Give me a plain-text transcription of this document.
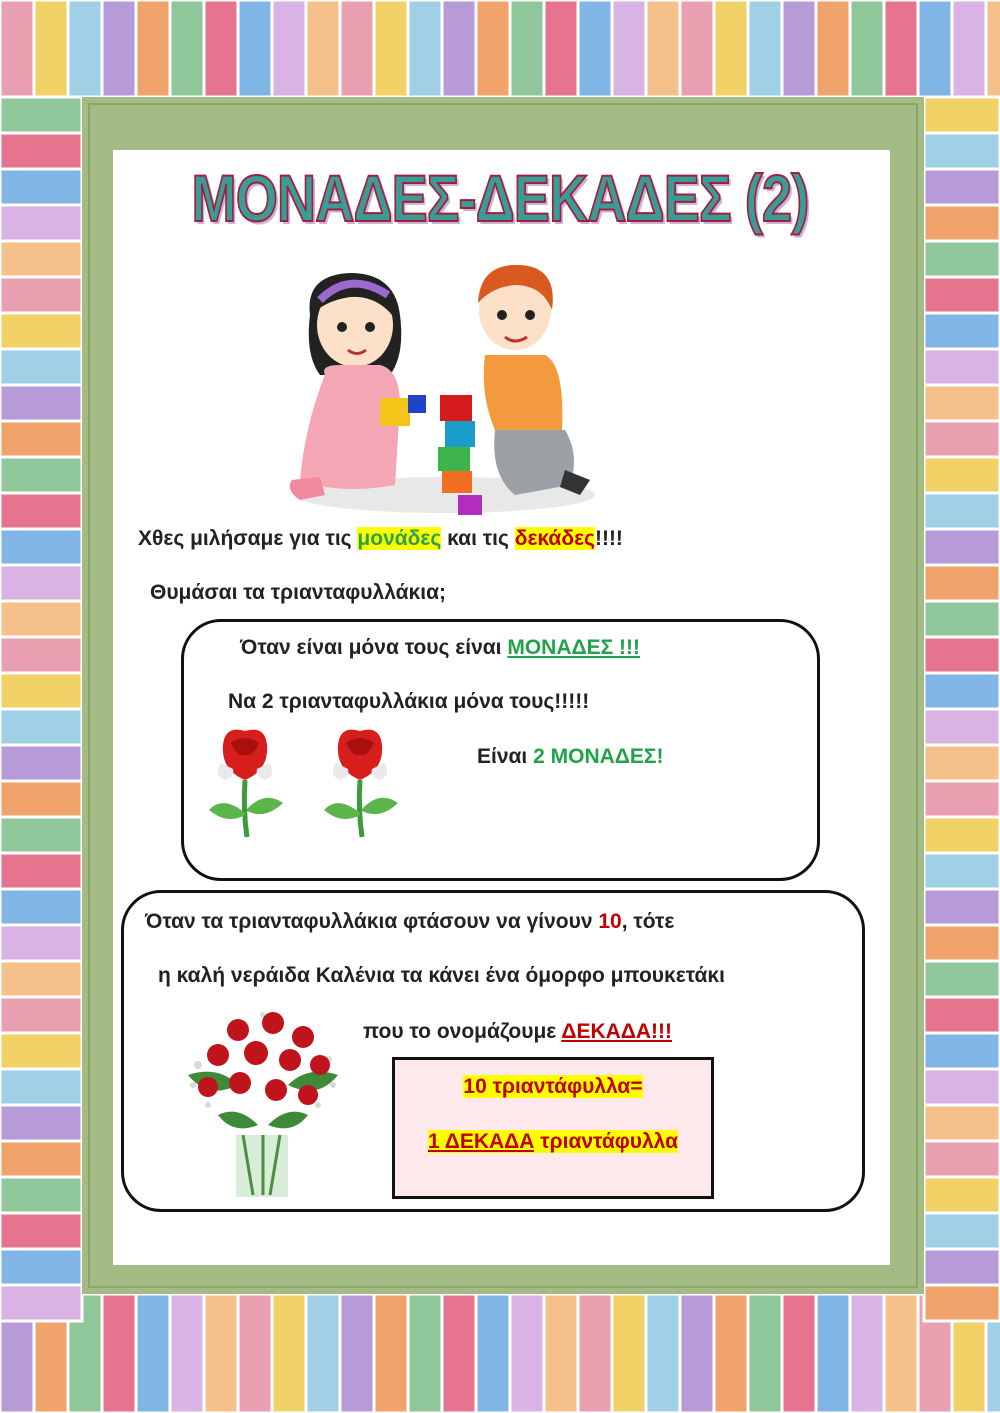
ΜΟΝΑΔΕΣ-ΔΕΚΑΔΕΣ (2)
Χθες μιλήσαμε για τις μονάδες και τις δεκάδες!!!!
Θυμάσαι τα τριανταφυλλάκια;
Όταν είναι μόνα τους είναι ΜΟΝΑΔΕΣ !!!
Να 2 τριανταφυλλάκια μόνα τους!!!!!
Είναι 2 ΜΟΝΑΔΕΣ!
Όταν τα τριανταφυλλάκια φτάσουν να γίνουν 10, τότε
η καλή νεράιδα Καλένια τα κάνει ένα όμορφο μπουκετάκι
που το ονομάζουμε ΔΕΚΑΔΑ!!!
10 τριαντάφυλλα=
1 ΔΕΚΑΔΑ τριαντάφυλλα
